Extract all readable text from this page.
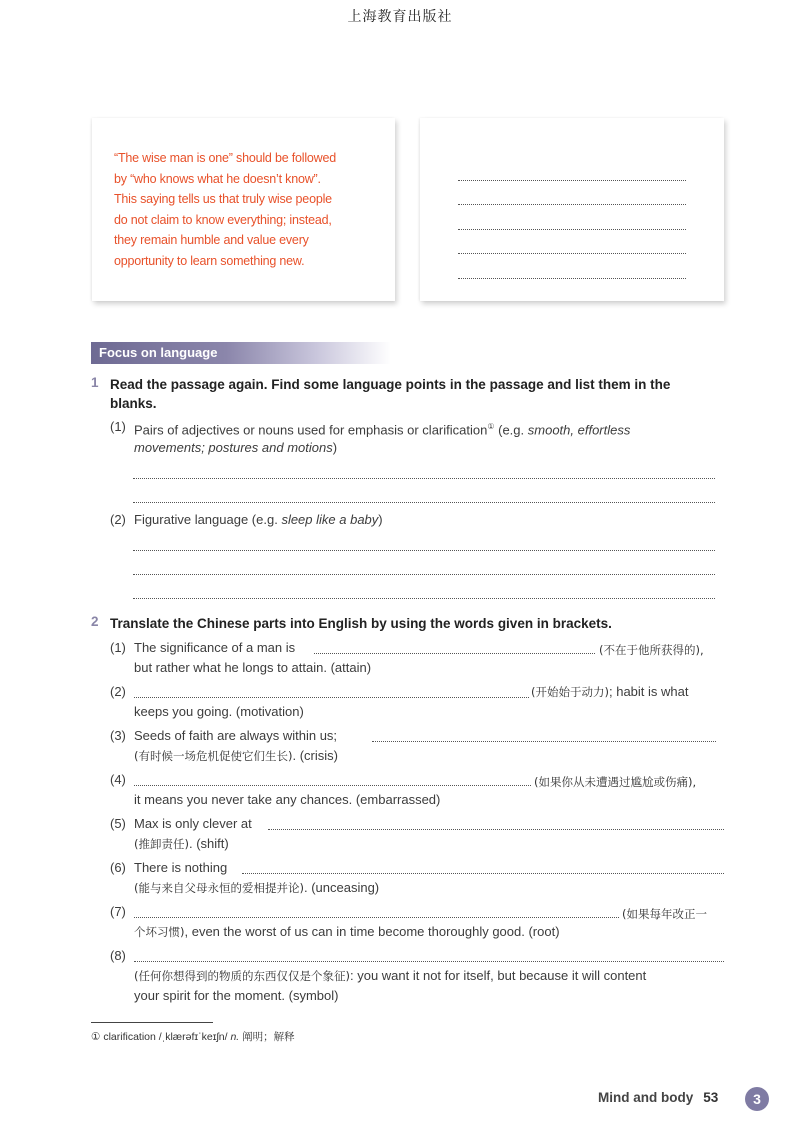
上海教育出版社
“The wise man is one” should be followed
by “who knows what he doesn’t know”.
This saying tells us that truly wise people
do not claim to know everything; instead,
they remain humble and value every
opportunity to learn something new.
Focus on language
1 Read the passage again. Find some language points in the passage and list them in the
blanks.
(1) Pairs of adjectives or nouns used for emphasis or clarification① (e.g. smooth, effortless
movements; postures and motions)
(2) Figurative language (e.g. sleep like a baby)
2 Translate the Chinese parts into English by using the words given in brackets.
(1) The significance of a man is	(不在于他所获得的),
but rather what he longs to attain. (attain)
(2)	(开始始于动力); habit is what
keeps you going. (motivation)
(3) Seeds of faith are always within us;
(有时候一场危机促使它们生长). (crisis)
(4)	(如果你从未遭遇过尴尬或伤痛),
it means you never take any chances. (embarrassed)
(5) Max is only clever at
(推卸责任). (shift)
(6) There is nothing
(能与来自父母永恒的爱相提并论). (unceasing)
(7)	(如果每年改正一
个坏习惯), even the worst of us can in time become thoroughly good. (root)
(8)
(任何你想得到的物质的东西仅仅是个象征): you want it not for itself, but because it will content
your spirit for the moment. (symbol)
① clarification /ˌklærəfɪˈkeɪʃn/ n. 阐明；解释
Mind and body 53	3
